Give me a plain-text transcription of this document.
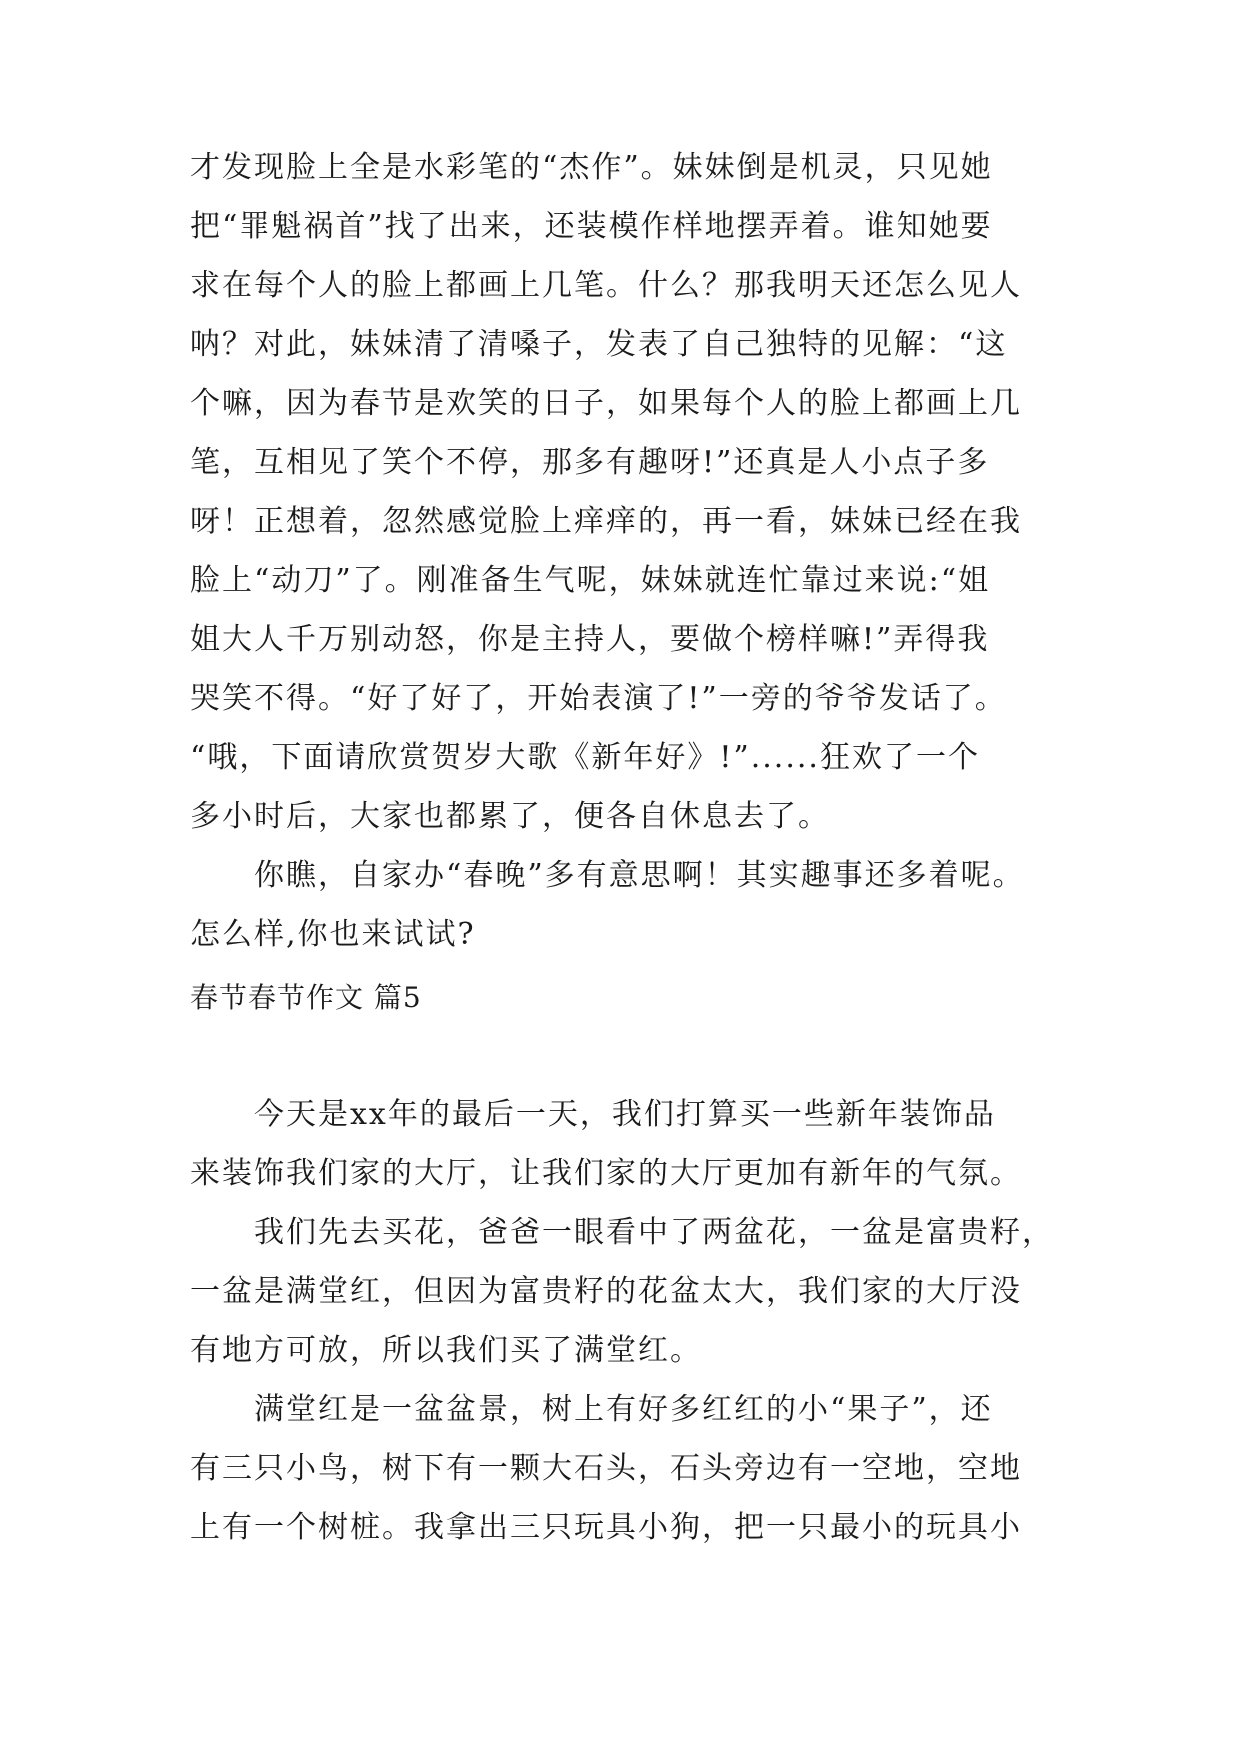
才发现脸上全是水彩笔的“杰作”。妹妹倒是机灵，只见她
把“罪魁祸首”找了出来，还装模作样地摆弄着。谁知她要
求在每个人的脸上都画上几笔。什么？那我明天还怎么见人
呐？对此，妹妹清了清嗓子，发表了自己独特的见解：“这
个嘛，因为春节是欢笑的日子，如果每个人的脸上都画上几
笔，互相见了笑个不停，那多有趣呀!”还真是人小点子多
呀！正想着，忽然感觉脸上痒痒的，再一看，妹妹已经在我
脸上“动刀”了。刚准备生气呢，妹妹就连忙靠过来说:“姐
姐大人千万别动怒，你是主持人，要做个榜样嘛!”弄得我
哭笑不得。“好了好了，开始表演了!”一旁的爷爷发话了。
“哦，下面请欣赏贺岁大歌《新年好》!”......狂欢了一个
多小时后，大家也都累了，便各自休息去了。
你瞧，自家办“春晚”多有意思啊！其实趣事还多着呢。
怎么样,你也来试试?
春节春节作文 篇5
今天是xx年的最后一天，我们打算买一些新年装饰品
来装饰我们家的大厅，让我们家的大厅更加有新年的气氛。
我们先去买花，爸爸一眼看中了两盆花，一盆是富贵籽，
一盆是满堂红，但因为富贵籽的花盆太大，我们家的大厅没
有地方可放，所以我们买了满堂红。
满堂红是一盆盆景，树上有好多红红的小“果子”，还
有三只小鸟，树下有一颗大石头，石头旁边有一空地，空地
上有一个树桩。我拿出三只玩具小狗，把一只最小的玩具小
